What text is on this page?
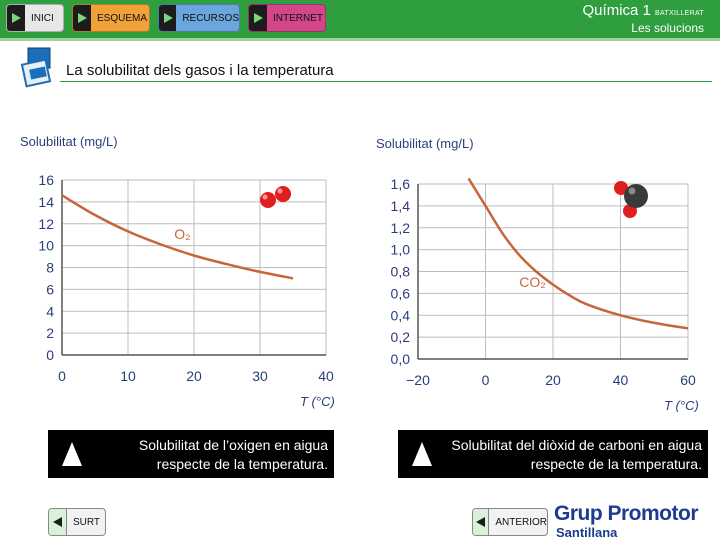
INICI	ESQUEMA	RECURSOS	INTERNET	Química 1 BATXILLERAT
Les solucions
La solubilitat dels gasos i la temperatura
0
2
4
6
8
10
12
14
16
0	10	20	30	40
Solubilitat (mg/L)
T (°C)
O₂
0,0
0,2
0,4
0,6
0,8
1,0
1,2
1,4
1,6
−20	0	20	40	60
Solubilitat (mg/L)
T (°C)
CO₂
Solubilitat de l’oxigen en aigua respecte de la temperatura.
Solubilitat del diòxid de carboni en aigua respecte de la temperatura.
SURT	ANTERIOR Grup Promotor
Santillana
